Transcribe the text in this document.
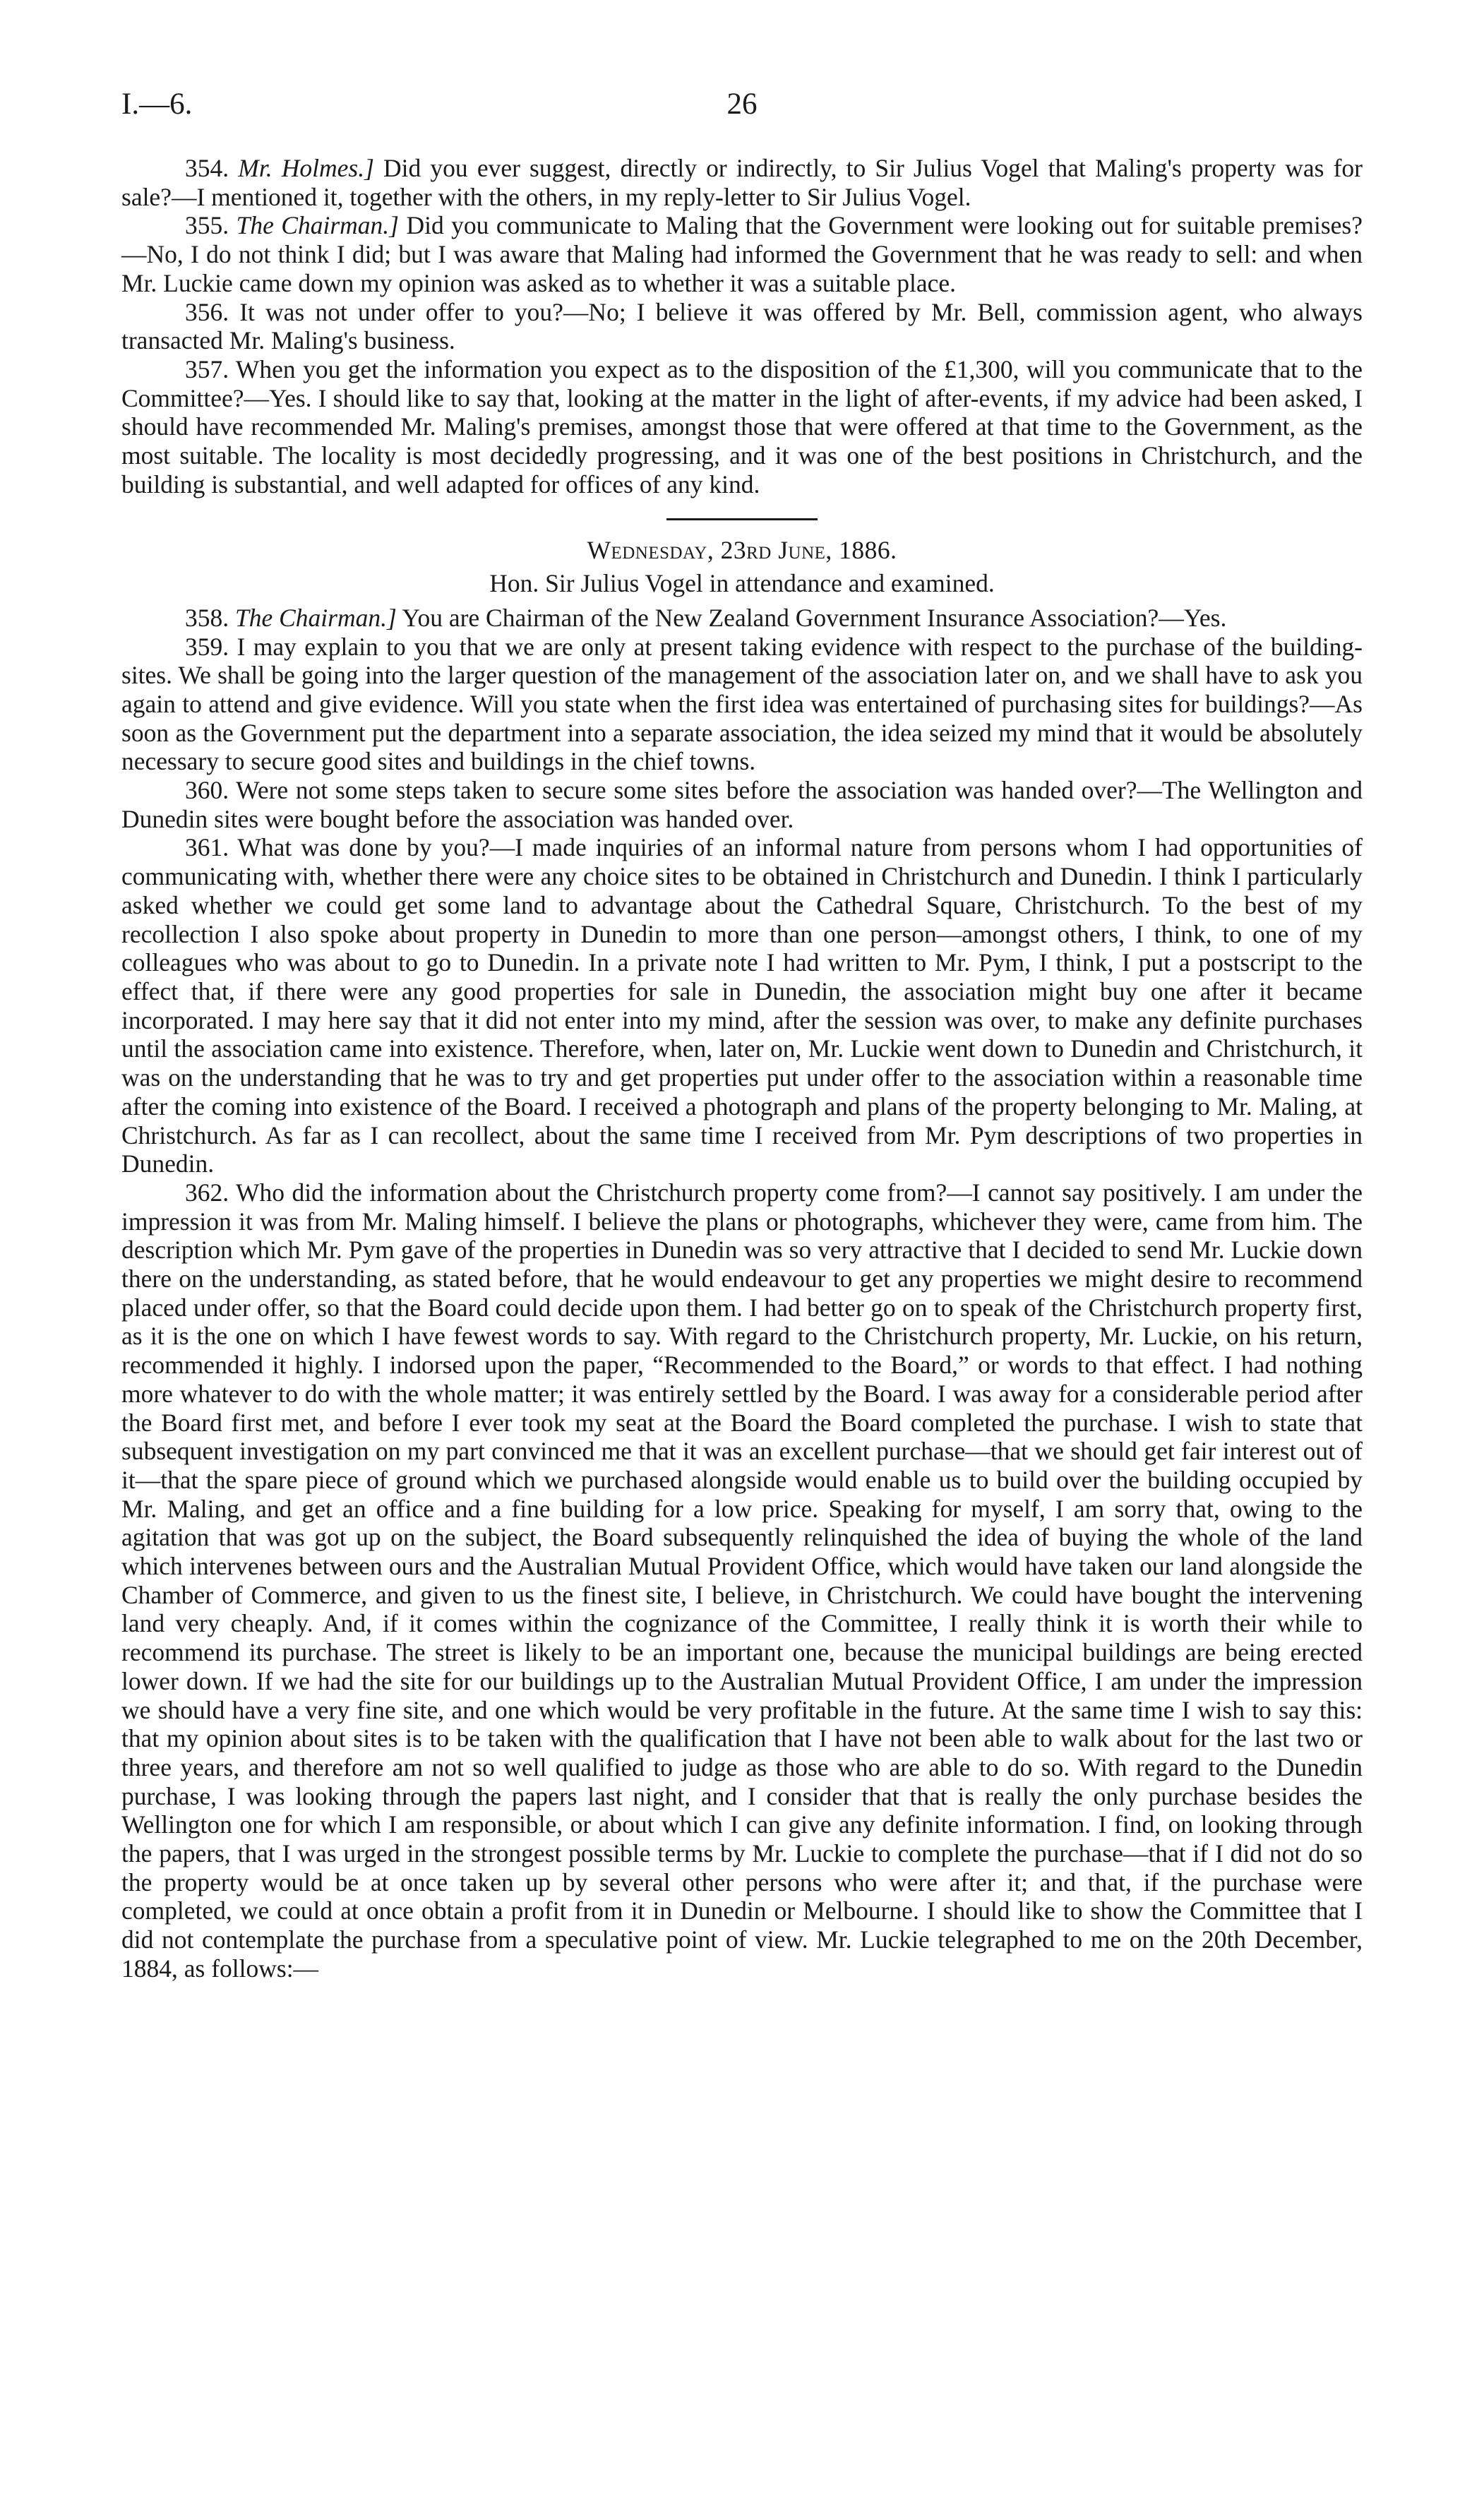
I.—6.	26

354. Mr. Holmes.] Did you ever suggest, directly or indirectly, to Sir Julius Vogel that Maling's property was for sale?—I mentioned it, together with the others, in my reply-letter to Sir Julius Vogel.

355. The Chairman.] Did you communicate to Maling that the Government were looking out for suitable premises?—No, I do not think I did; but I was aware that Maling had informed the Government that he was ready to sell: and when Mr. Luckie came down my opinion was asked as to whether it was a suitable place.

356. It was not under offer to you?—No; I believe it was offered by Mr. Bell, commission agent, who always transacted Mr. Maling's business.

357. When you get the information you expect as to the disposition of the £1,300, will you communicate that to the Committee?—Yes. I should like to say that, looking at the matter in the light of after-events, if my advice had been asked, I should have recommended Mr. Maling's premises, amongst those that were offered at that time to the Government, as the most suitable. The locality is most decidedly progressing, and it was one of the best positions in Christchurch, and the building is substantial, and well adapted for offices of any kind.

Wednesday, 23rd June, 1886.

Hon. Sir Julius Vogel in attendance and examined.

358. The Chairman.] You are Chairman of the New Zealand Government Insurance Association?—Yes.

359. I may explain to you that we are only at present taking evidence with respect to the purchase of the building-sites. We shall be going into the larger question of the management of the association later on, and we shall have to ask you again to attend and give evidence. Will you state when the first idea was entertained of purchasing sites for buildings?—As soon as the Government put the department into a separate association, the idea seized my mind that it would be absolutely necessary to secure good sites and buildings in the chief towns.

360. Were not some steps taken to secure some sites before the association was handed over?—The Wellington and Dunedin sites were bought before the association was handed over.

361. What was done by you?—I made inquiries of an informal nature from persons whom I had opportunities of communicating with, whether there were any choice sites to be obtained in Christchurch and Dunedin. I think I particularly asked whether we could get some land to advantage about the Cathedral Square, Christchurch. To the best of my recollection I also spoke about property in Dunedin to more than one person—amongst others, I think, to one of my colleagues who was about to go to Dunedin. In a private note I had written to Mr. Pym, I think, I put a postscript to the effect that, if there were any good properties for sale in Dunedin, the association might buy one after it became incorporated. I may here say that it did not enter into my mind, after the session was over, to make any definite purchases until the association came into existence. Therefore, when, later on, Mr. Luckie went down to Dunedin and Christchurch, it was on the understanding that he was to try and get properties put under offer to the association within a reasonable time after the coming into existence of the Board. I received a photograph and plans of the property belonging to Mr. Maling, at Christchurch. As far as I can recollect, about the same time I received from Mr. Pym descriptions of two properties in Dunedin.

362. Who did the information about the Christchurch property come from?—I cannot say positively. I am under the impression it was from Mr. Maling himself. I believe the plans or photographs, whichever they were, came from him. The description which Mr. Pym gave of the properties in Dunedin was so very attractive that I decided to send Mr. Luckie down there on the understanding, as stated before, that he would endeavour to get any properties we might desire to recommend placed under offer, so that the Board could decide upon them. I had better go on to speak of the Christchurch property first, as it is the one on which I have fewest words to say. With regard to the Christchurch property, Mr. Luckie, on his return, recommended it highly. I indorsed upon the paper, “Recommended to the Board,” or words to that effect. I had nothing more whatever to do with the whole matter; it was entirely settled by the Board. I was away for a considerable period after the Board first met, and before I ever took my seat at the Board the Board completed the purchase. I wish to state that subsequent investigation on my part convinced me that it was an excellent purchase—that we should get fair interest out of it—that the spare piece of ground which we purchased alongside would enable us to build over the building occupied by Mr. Maling, and get an office and a fine building for a low price. Speaking for myself, I am sorry that, owing to the agitation that was got up on the subject, the Board subsequently relinquished the idea of buying the whole of the land which intervenes between ours and the Australian Mutual Provident Office, which would have taken our land alongside the Chamber of Commerce, and given to us the finest site, I believe, in Christchurch. We could have bought the intervening land very cheaply. And, if it comes within the cognizance of the Committee, I really think it is worth their while to recommend its purchase. The street is likely to be an important one, because the municipal buildings are being erected lower down. If we had the site for our buildings up to the Australian Mutual Provident Office, I am under the impression we should have a very fine site, and one which would be very profitable in the future. At the same time I wish to say this: that my opinion about sites is to be taken with the qualification that I have not been able to walk about for the last two or three years, and therefore am not so well qualified to judge as those who are able to do so. With regard to the Dunedin purchase, I was looking through the papers last night, and I consider that that is really the only purchase besides the Wellington one for which I am responsible, or about which I can give any definite information. I find, on looking through the papers, that I was urged in the strongest possible terms by Mr. Luckie to complete the purchase—that if I did not do so the property would be at once taken up by several other persons who were after it; and that, if the purchase were completed, we could at once obtain a profit from it in Dunedin or Melbourne. I should like to show the Committee that I did not contemplate the purchase from a speculative point of view. Mr. Luckie telegraphed to me on the 20th December, 1884, as follows:—
